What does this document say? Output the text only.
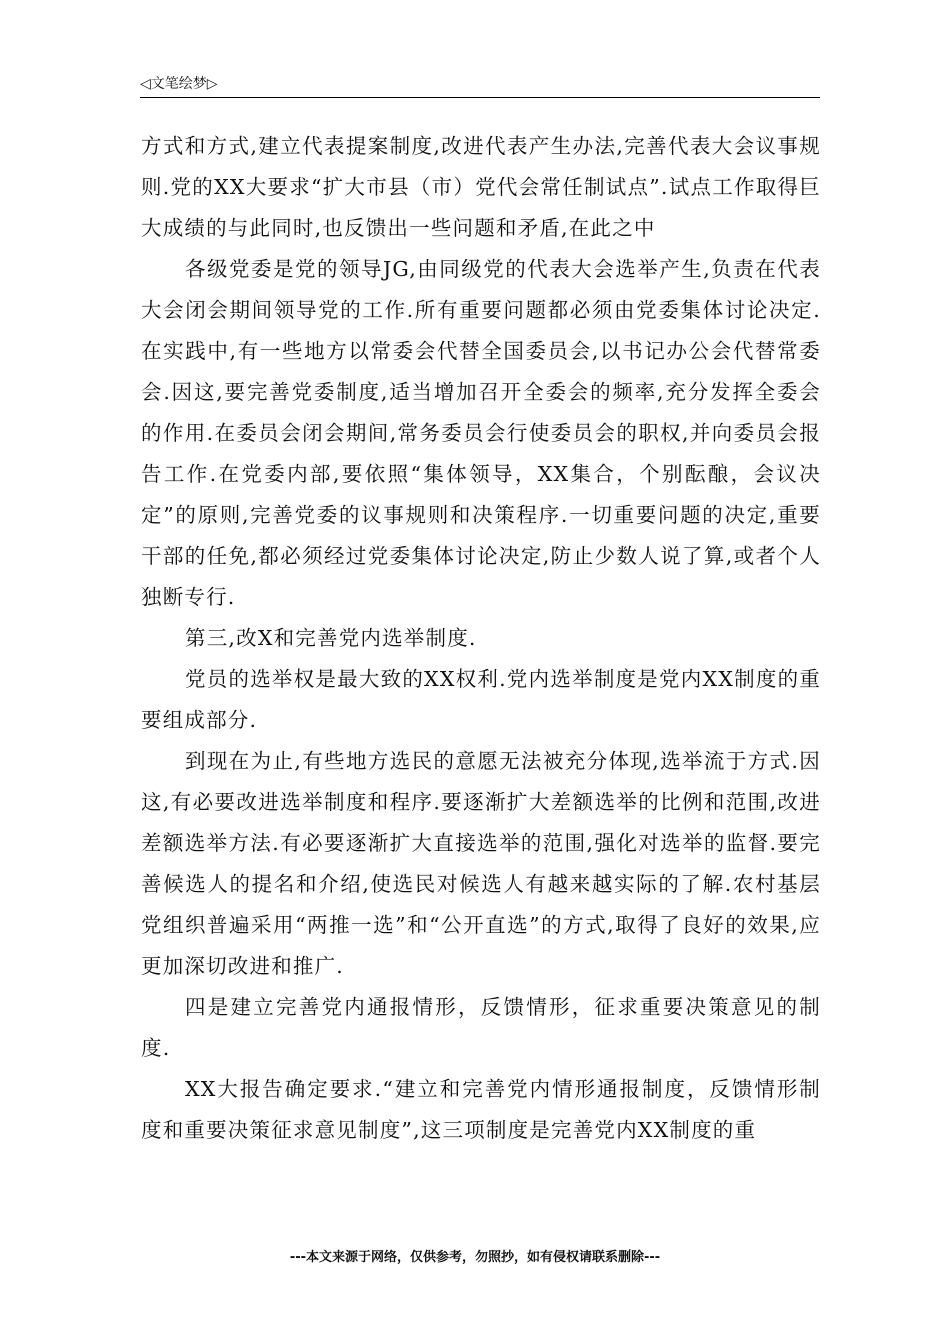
◁文笔绘梦▷

方式和方式,建立代表提案制度,改进代表产生办法,完善代表大会议事规则.党的XX大要求“扩大市县（市）党代会常任制试点”.试点工作取得巨大成绩的与此同时,也反馈出一些问题和矛盾,在此之中

各级党委是党的领导JG,由同级党的代表大会选举产生,负责在代表大会闭会期间领导党的工作.所有重要问题都必须由党委集体讨论决定.在实践中,有一些地方以常委会代替全国委员会,以书记办公会代替常委会.因这,要完善党委制度,适当增加召开全委会的频率,充分发挥全委会的作用.在委员会闭会期间,常务委员会行使委员会的职权,并向委员会报告工作.在党委内部,要依照“集体领导，XX集合，个别酝酿，会议决定”的原则,完善党委的议事规则和决策程序.一切重要问题的决定,重要干部的任免,都必须经过党委集体讨论决定,防止少数人说了算,或者个人独断专行.

第三,改X和完善党内选举制度.

党员的选举权是最大致的XX权利.党内选举制度是党内XX制度的重要组成部分.

到现在为止,有些地方选民的意愿无法被充分体现,选举流于方式.因这,有必要改进选举制度和程序.要逐渐扩大差额选举的比例和范围,改进差额选举方法.有必要逐渐扩大直接选举的范围,强化对选举的监督.要完善候选人的提名和介绍,使选民对候选人有越来越实际的了解.农村基层党组织普遍采用“两推一选”和“公开直选”的方式,取得了良好的效果,应更加深切改进和推广.

四是建立完善党内通报情形，反馈情形，征求重要决策意见的制度.

XX大报告确定要求.“建立和完善党内情形通报制度，反馈情形制度和重要决策征求意见制度”,这三项制度是完善党内XX制度的重

---本文来源于网络，仅供参考，勿照抄，如有侵权请联系删除---
